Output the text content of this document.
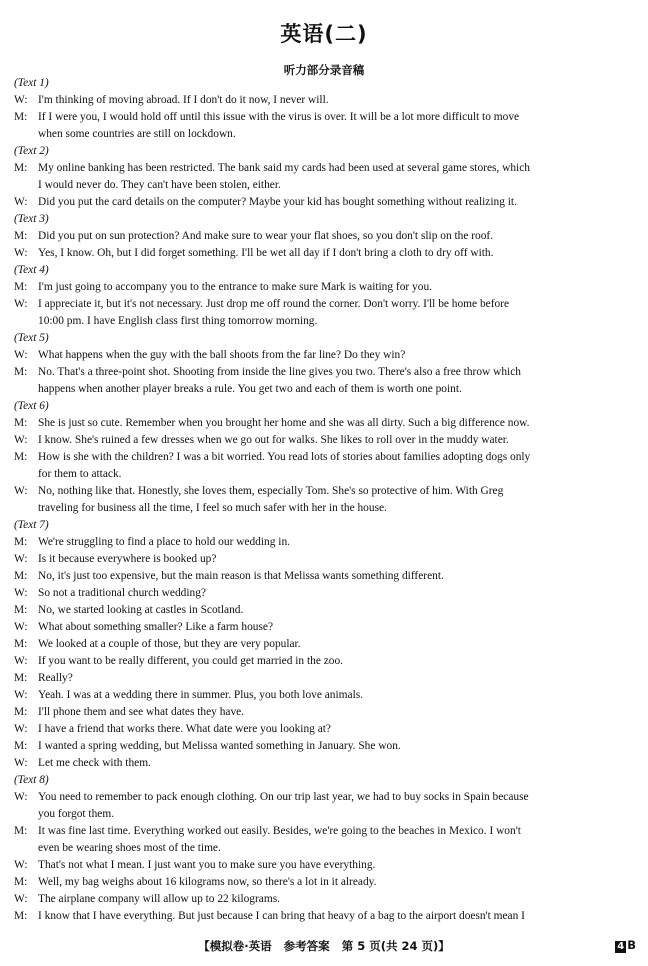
英语(二)
听力部分录音稿
(Text 1)
W: I'm thinking of moving abroad. If I don't do it now, I never will.
M: If I were you, I would hold off until this issue with the virus is over. It will be a lot more difficult to move
when some countries are still on lockdown.
(Text 2)
M: My online banking has been restricted. The bank said my cards had been used at several game stores, which
I would never do. They can't have been stolen, either.
W: Did you put the card details on the computer? Maybe your kid has bought something without realizing it.
(Text 3)
M: Did you put on sun protection? And make sure to wear your flat shoes, so you don't slip on the roof.
W: Yes, I know. Oh, but I did forget something. I'll be wet all day if I don't bring a cloth to dry off with.
(Text 4)
M: I'm just going to accompany you to the entrance to make sure Mark is waiting for you.
W: I appreciate it, but it's not necessary. Just drop me off round the corner. Don't worry. I'll be home before
10:00 pm. I have English class first thing tomorrow morning.
(Text 5)
W: What happens when the guy with the ball shoots from the far line? Do they win?
M: No. That's a three-point shot. Shooting from inside the line gives you two. There's also a free throw which
happens when another player breaks a rule. You get two and each of them is worth one point.
(Text 6)
M: She is just so cute. Remember when you brought her home and she was all dirty. Such a big difference now.
W: I know. She's ruined a few dresses when we go out for walks. She likes to roll over in the muddy water.
M: How is she with the children? I was a bit worried. You read lots of stories about families adopting dogs only
for them to attack.
W: No, nothing like that. Honestly, she loves them, especially Tom. She's so protective of him. With Greg
traveling for business all the time, I feel so much safer with her in the house.
(Text 7)
M: We're struggling to find a place to hold our wedding in.
W: Is it because everywhere is booked up?
M: No, it's just too expensive, but the main reason is that Melissa wants something different.
W: So not a traditional church wedding?
M: No, we started looking at castles in Scotland.
W: What about something smaller? Like a farm house?
M: We looked at a couple of those, but they are very popular.
W: If you want to be really different, you could get married in the zoo.
M: Really?
W: Yeah. I was at a wedding there in summer. Plus, you both love animals.
M: I'll phone them and see what dates they have.
W: I have a friend that works there. What date were you looking at?
M: I wanted a spring wedding, but Melissa wanted something in January. She won.
W: Let me check with them.
(Text 8)
W: You need to remember to pack enough clothing. On our trip last year, we had to buy socks in Spain because
you forgot them.
M: It was fine last time. Everything worked out easily. Besides, we're going to the beaches in Mexico. I won't
even be wearing shoes most of the time.
W: That's not what I mean. I just want you to make sure you have everything.
M: Well, my bag weighs about 16 kilograms now, so there's a lot in it already.
W: The airplane company will allow up to 22 kilograms.
M: I know that I have everything. But just because I can bring that heavy of a bag to the airport doesn't mean I
【模拟卷·英语 参考答案 第 5 页(共 24 页)】	4 B
